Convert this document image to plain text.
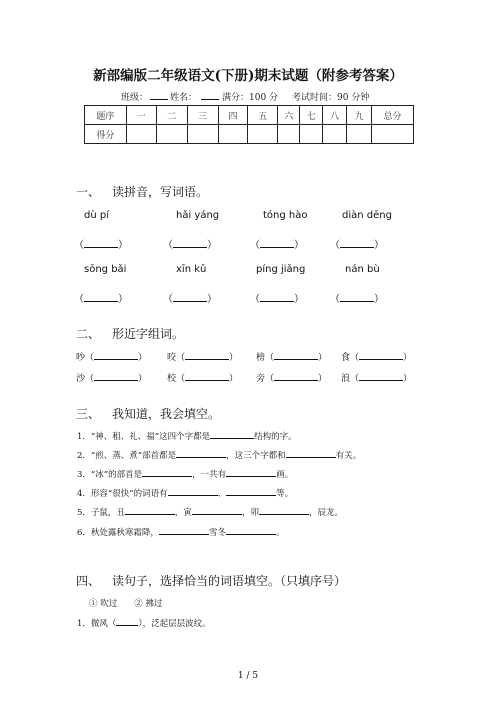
新部编版二年级语文(下册)期末试题（附参考答案）
班级： 姓名：	满分：100 分 考试时间：90 分钟
题序	一	二	三	四	五	六	七	八	九	总分
得分										
一、 读拼音，写词语。
dù pí	hǎi yáng	tóng hào	diàn dēng
（	）	（	）	（	）	（	）
sōng bǎi	xīn kǔ	píng jiǎng	nán bù
（	）	（	）	（	）	（	）
二、 形近字组词。
吵（	） 咬（	） 榜（	） 食（	）
沙（	） 校（	） 旁（	） 浪（	）
三、 我知道，我会填空。
1．“神、租、礼、福”这四个字都是	结构的字。
2．“煎、蒸、煮”部首都是	，这三个字都和	有关。
3．“冰”的部首是	，一共有	画。
4．形容“很快”的词语有	、	等。
5．子鼠，丑	，寅	，卯	，辰龙。
6．秋处露秋寒霜降，	雪冬	。
四、 读句子，选择恰当的词语填空。（只填序号）
① 吹过　　② 拂过
1．微风（	），泛起层层波纹。
1 / 5
